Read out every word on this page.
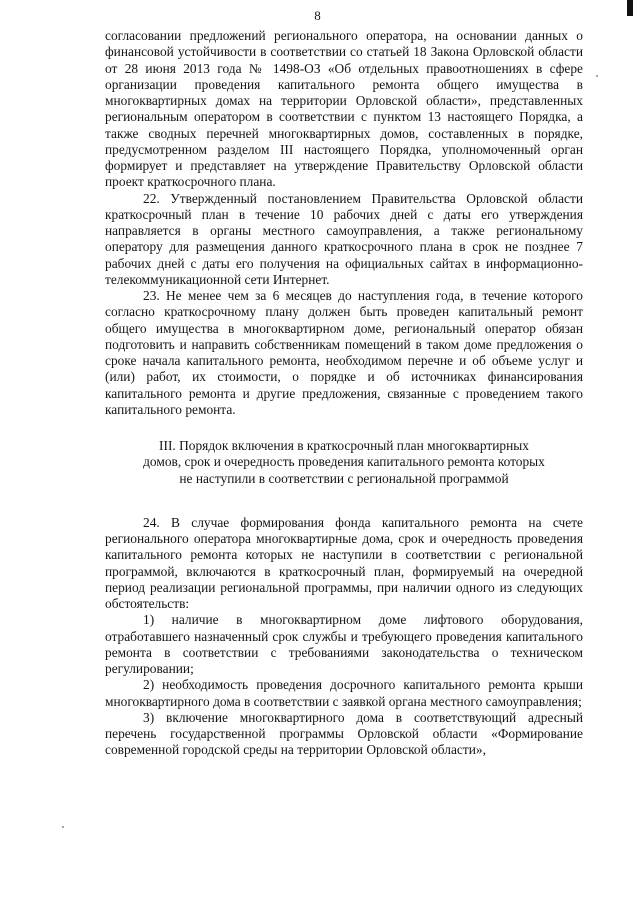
8

согласовании предложений регионального оператора, на основании данных о финансовой устойчивости в соответствии со статьей 18 Закона Орловской области от 28 июня 2013 года № 1498-ОЗ «Об отдельных правоотношениях в сфере организации проведения капитального ремонта общего имущества в многоквартирных домах на территории Орловской области», представленных региональным оператором в соответствии с пунктом 13 настоящего Порядка, а также сводных перечней многоквартирных домов, составленных в порядке, предусмотренном разделом III настоящего Порядка, уполномоченный орган формирует и представляет на утверждение Правительству Орловской области проект краткосрочного плана.

22. Утвержденный постановлением Правительства Орловской области краткосрочный план в течение 10 рабочих дней с даты его утверждения направляется в органы местного самоуправления, а также региональному оператору для размещения данного краткосрочного плана в срок не позднее 7 рабочих дней с даты его получения на официальных сайтах в информационно-телекоммуникационной сети Интернет.

23. Не менее чем за 6 месяцев до наступления года, в течение которого согласно краткосрочному плану должен быть проведен капитальный ремонт общего имущества в многоквартирном доме, региональный оператор обязан подготовить и направить собственникам помещений в таком доме предложения о сроке начала капитального ремонта, необходимом перечне и об объеме услуг и (или) работ, их стоимости, о порядке и об источниках финансирования капитального ремонта и другие предложения, связанные с проведением такого капитального ремонта.

III. Порядок включения в краткосрочный план многоквартирных
домов, срок и очередность проведения капитального ремонта которых
не наступили в соответствии с региональной программой

24. В случае формирования фонда капитального ремонта на счете регионального оператора многоквартирные дома, срок и очередность проведения капитального ремонта которых не наступили в соответствии с региональной программой, включаются в краткосрочный план, формируемый на очередной период реализации региональной программы, при наличии одного из следующих обстоятельств:

1) наличие в многоквартирном доме лифтового оборудования, отработавшего назначенный срок службы и требующего проведения капитального ремонта в соответствии с требованиями законодательства о техническом регулировании;

2) необходимость проведения досрочного капитального ремонта крыши многоквартирного дома в соответствии с заявкой органа местного самоуправления;

3) включение многоквартирного дома в соответствующий адресный перечень государственной программы Орловской области «Формирование современной городской среды на территории Орловской области»,
